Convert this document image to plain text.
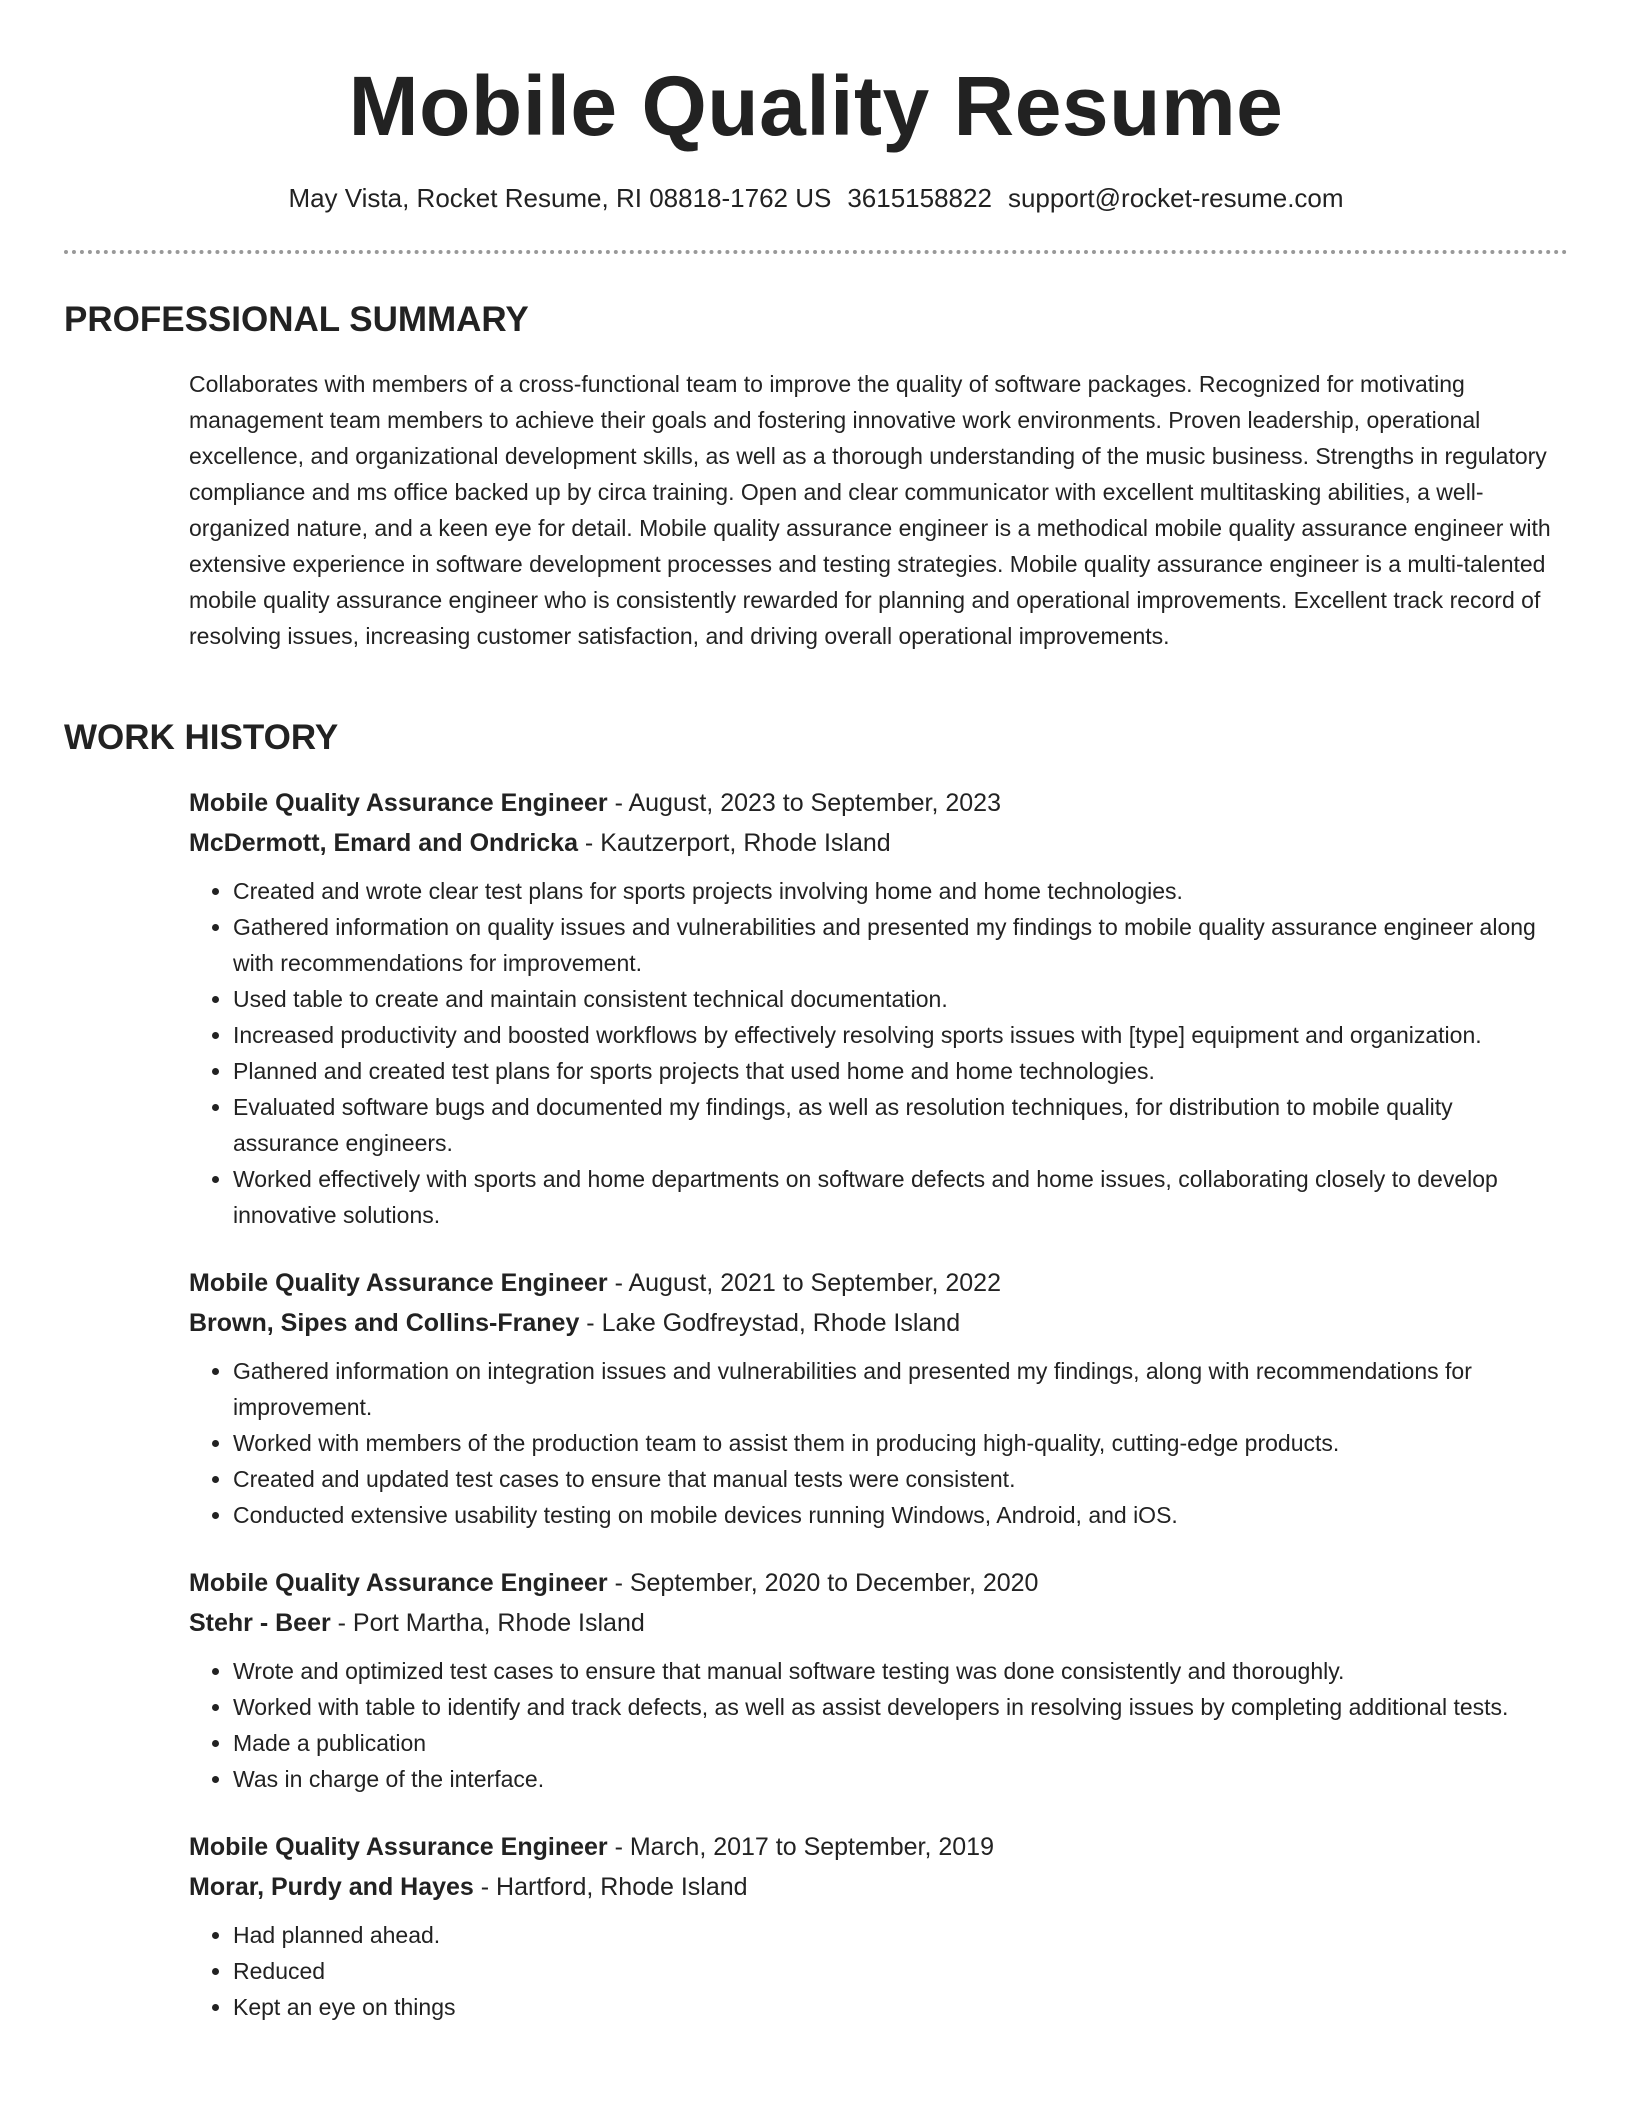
Mobile Quality Resume
May Vista, Rocket Resume, RI 08818-1762 US 3615158822 support@rocket-resume.com
PROFESSIONAL SUMMARY

Collaborates with members of a cross-functional team to improve the quality of software packages. Recognized for motivating management team members to achieve their goals and fostering innovative work environments. Proven leadership, operational excellence, and organizational development skills, as well as a thorough understanding of the music business. Strengths in regulatory compliance and ms office backed up by circa training. Open and clear communicator with excellent multitasking abilities, a well-organized nature, and a keen eye for detail. Mobile quality assurance engineer is a methodical mobile quality assurance engineer with extensive experience in software development processes and testing strategies. Mobile quality assurance engineer is a multi-talented mobile quality assurance engineer who is consistently rewarded for planning and operational improvements. Excellent track record of resolving issues, increasing customer satisfaction, and driving overall operational improvements.

WORK HISTORY

Mobile Quality Assurance Engineer - August, 2023 to September, 2023

McDermott, Emard and Ondricka - Kautzerport, Rhode Island

• Created and wrote clear test plans for sports projects involving home and home technologies.
• Gathered information on quality issues and vulnerabilities and presented my findings to mobile quality assurance engineer along with recommendations for improvement.
• Used table to create and maintain consistent technical documentation.
• Increased productivity and boosted workflows by effectively resolving sports issues with [type] equipment and organization.
• Planned and created test plans for sports projects that used home and home technologies.
• Evaluated software bugs and documented my findings, as well as resolution techniques, for distribution to mobile quality assurance engineers.
• Worked effectively with sports and home departments on software defects and home issues, collaborating closely to develop innovative solutions.

Mobile Quality Assurance Engineer - August, 2021 to September, 2022

Brown, Sipes and Collins-Franey - Lake Godfreystad, Rhode Island

• Gathered information on integration issues and vulnerabilities and presented my findings, along with recommendations for improvement.
• Worked with members of the production team to assist them in producing high-quality, cutting-edge products.
• Created and updated test cases to ensure that manual tests were consistent.
• Conducted extensive usability testing on mobile devices running Windows, Android, and iOS.

Mobile Quality Assurance Engineer - September, 2020 to December, 2020

Stehr - Beer - Port Martha, Rhode Island

• Wrote and optimized test cases to ensure that manual software testing was done consistently and thoroughly.
• Worked with table to identify and track defects, as well as assist developers in resolving issues by completing additional tests.
• Made a publication
• Was in charge of the interface.

Mobile Quality Assurance Engineer - March, 2017 to September, 2019

Morar, Purdy and Hayes - Hartford, Rhode Island

• Had planned ahead.
• Reduced
• Kept an eye on things
